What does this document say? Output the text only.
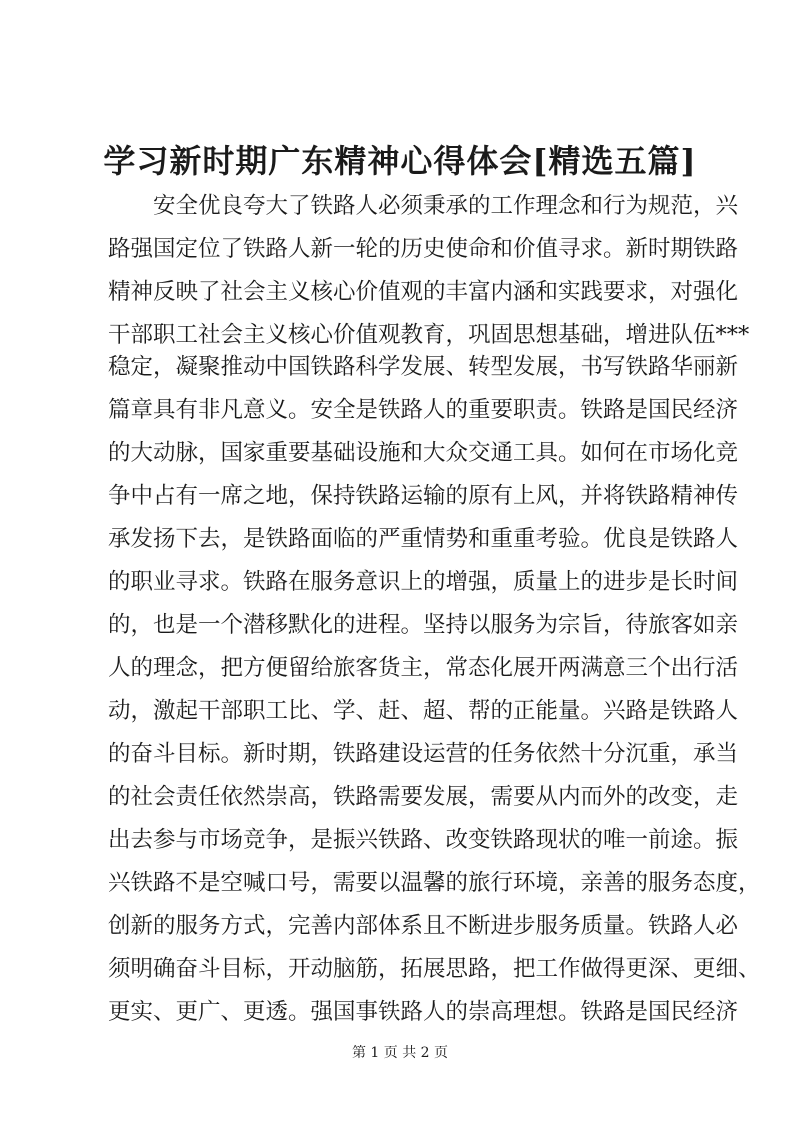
学习新时期广东精神心得体会[精选五篇]
安全优良夸大了铁路人必须秉承的工作理念和行为规范，兴
路强国定位了铁路人新一轮的历史使命和价值寻求。新时期铁路
精神反映了社会主义核心价值观的丰富内涵和实践要求，对强化
干部职工社会主义核心价值观教育，巩固思想基础，增进队伍***
稳定，凝聚推动中国铁路科学发展、转型发展，书写铁路华丽新
篇章具有非凡意义。安全是铁路人的重要职责。铁路是国民经济
的大动脉，国家重要基础设施和大众交通工具。如何在市场化竞
争中占有一席之地，保持铁路运输的原有上风，并将铁路精神传
承发扬下去，是铁路面临的严重情势和重重考验。优良是铁路人
的职业寻求。铁路在服务意识上的增强，质量上的进步是长时间
的，也是一个潜移默化的进程。坚持以服务为宗旨，待旅客如亲
人的理念，把方便留给旅客货主，常态化展开两满意三个出行活
动，激起干部职工比、学、赶、超、帮的正能量。兴路是铁路人
的奋斗目标。新时期，铁路建设运营的任务依然十分沉重，承当
的社会责任依然崇高，铁路需要发展，需要从内而外的改变，走
出去参与市场竞争，是振兴铁路、改变铁路现状的唯一前途。振
兴铁路不是空喊口号，需要以温馨的旅行环境，亲善的服务态度，
创新的服务方式，完善内部体系且不断进步服务质量。铁路人必
须明确奋斗目标，开动脑筋，拓展思路，把工作做得更深、更细、
更实、更广、更透。强国事铁路人的崇高理想。铁路是国民经济
第 1 页 共 2 页
